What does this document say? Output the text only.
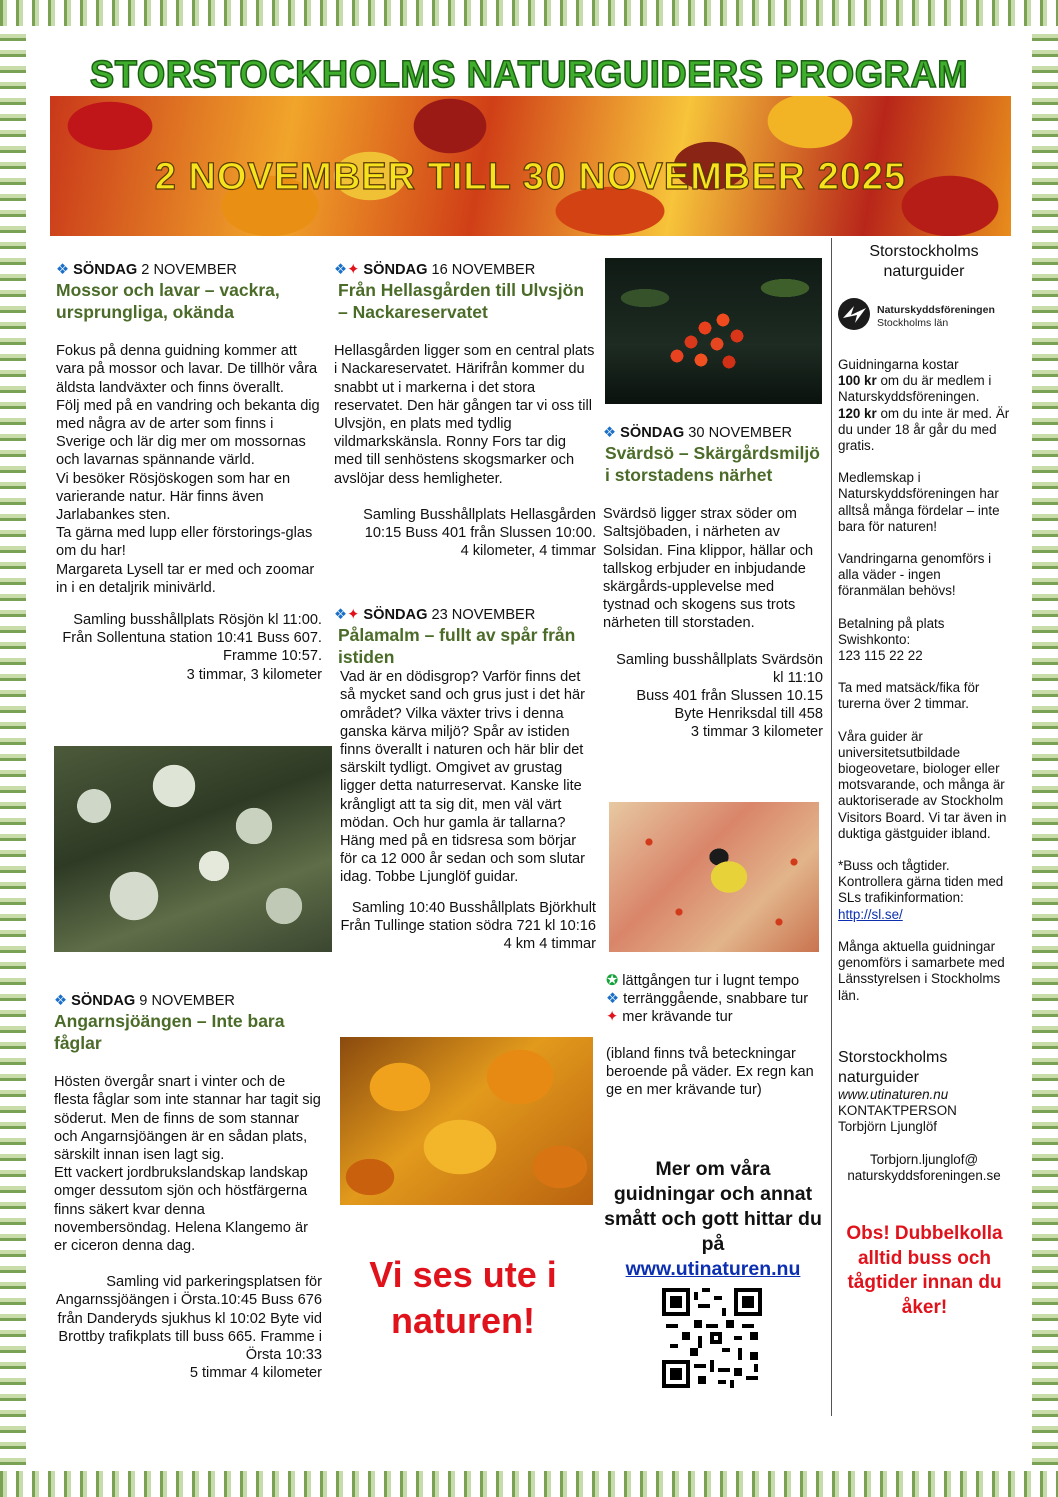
STORSTOCKHOLMS NATURGUIDERS PROGRAM
2 NOVEMBER TILL 30 NOVEMBER 2025
❖ SÖNDAG 2 NOVEMBER
Mossor och lavar – vackra, ursprungliga, okända
Fokus på denna guidning kommer att vara på mossor och lavar. De tillhör våra äldsta landväxter och finns överallt.
Följ med på en vandring och bekanta dig med några av de arter som finns i Sverige och lär dig mer om mossornas och lavarnas spännande värld.
Vi besöker Rösjöskogen som har en varierande natur. Här finns även Jarlabankes sten.
Ta gärna med lupp eller förstorings-glas om du har!
Margareta Lysell tar er med och zoomar in i en detaljrik minivärld.
Samling busshållplats Rösjön kl 11:00. Från Sollentuna station 10:41 Buss 607. Framme 10:57.
3 timmar, 3 kilometer
❖ SÖNDAG 9 NOVEMBER
Angarnsjöängen – Inte bara fåglar
Hösten övergår snart i vinter och de flesta fåglar som inte stannar har tagit sig söderut. Men de finns de som stannar och Angarnsjöängen är en sådan plats, särskilt innan isen lagt sig.
Ett vackert jordbrukslandskap landskap omger dessutom sjön och höstfärgerna finns säkert kvar denna novembersöndag. Helena Klangemo är er ciceron denna dag.
Samling vid parkeringsplatsen för Angarnssjöängen i Örsta.10:45 Buss 676 från Danderyds sjukhus kl 10:02 Byte vid Brottby trafikplats till buss 665. Framme i Örsta 10:33
5 timmar 4 kilometer
❖✦ SÖNDAG 16 NOVEMBER
Från Hellasgården till Ulvsjön – Nackareservatet
Hellasgården ligger som en central plats i Nackareservatet. Härifrån kommer du snabbt ut i markerna i det stora reservatet. Den här gången tar vi oss till Ulvsjön, en plats med tydlig vildmarkskänsla. Ronny Fors tar dig med till senhöstens skogsmarker och avslöjar dess hemligheter.
Samling Busshållplats Hellasgården 10:15 Buss 401 från Slussen 10:00.
4 kilometer, 4 timmar
❖✦ SÖNDAG 23 NOVEMBER
Pålamalm – fullt av spår från istiden
Vad är en dödisgrop? Varför finns det så mycket sand och grus just i det här området? Vilka växter trivs i denna ganska kärva miljö? Spår av istiden finns överallt i naturen och här blir det särskilt tydligt. Omgivet av grustag ligger detta naturreservat. Kanske lite krångligt att ta sig dit, men väl värt mödan. Och hur gamla är tallarna? Häng med på en tidsresa som börjar för ca 12 000 år sedan och som slutar idag. Tobbe Ljunglöf guidar.
Samling 10:40 Busshållplats Björkhult
Från Tullinge station södra 721 kl 10:16
4 km 4 timmar
Vi ses ute i naturen!
❖ SÖNDAG 30 NOVEMBER
Svärdsö – Skärgårdsmiljö i storstadens närhet
Svärdsö ligger strax söder om Saltsjöbaden, i närheten av Solsidan. Fina klippor, hällar och tallskog erbjuder en inbjudande skärgårds-upplevelse med tystnad och skogens sus trots närheten till storstaden.
Samling busshållplats Svärdsön kl 11:10
Buss 401 från Slussen 10.15
Byte Henriksdal till 458
3 timmar 3 kilometer
✪ lättgången tur i lugnt tempo
❖ terränggående, snabbare tur
✦ mer krävande tur
(ibland finns två beteckningar beroende på väder. Ex regn kan ge en mer krävande tur)
Mer om våra guidningar och annat smått och gott hittar du på
www.utinaturen.nu
Storstockholms naturguider
Naturskyddsföreningen
Stockholms län
Guidningarna kostar
100 kr om du är medlem i Naturskyddsföreningen.
120 kr om du inte är med. Är du under 18 år går du med gratis.
Medlemskap i Naturskyddsföreningen har alltså många fördelar – inte bara för naturen!
Vandringarna genomförs i alla väder - ingen föranmälan behövs!
Betalning på plats Swishkonto:
123 115 22 22
Ta med matsäck/fika för turerna över 2 timmar.
Våra guider är universitetsutbildade biogeovetare, biologer eller motsvarande, och många är auktoriserade av Stockholm Visitors Board. Vi tar även in duktiga gästguider ibland.
*Buss och tågtider. Kontrollera gärna tiden med SLs trafikinformation:
http://sl.se/
Många aktuella guidningar genomförs i samarbete med Länsstyrelsen i Stockholms län.
Storstockholms naturguider
www.utinaturen.nu
KONTAKTPERSON
Torbjörn Ljunglöf
Torbjorn.ljunglof@ naturskyddsforeningen.se
Obs! Dubbelkolla alltid buss och tågtider innan du åker!
